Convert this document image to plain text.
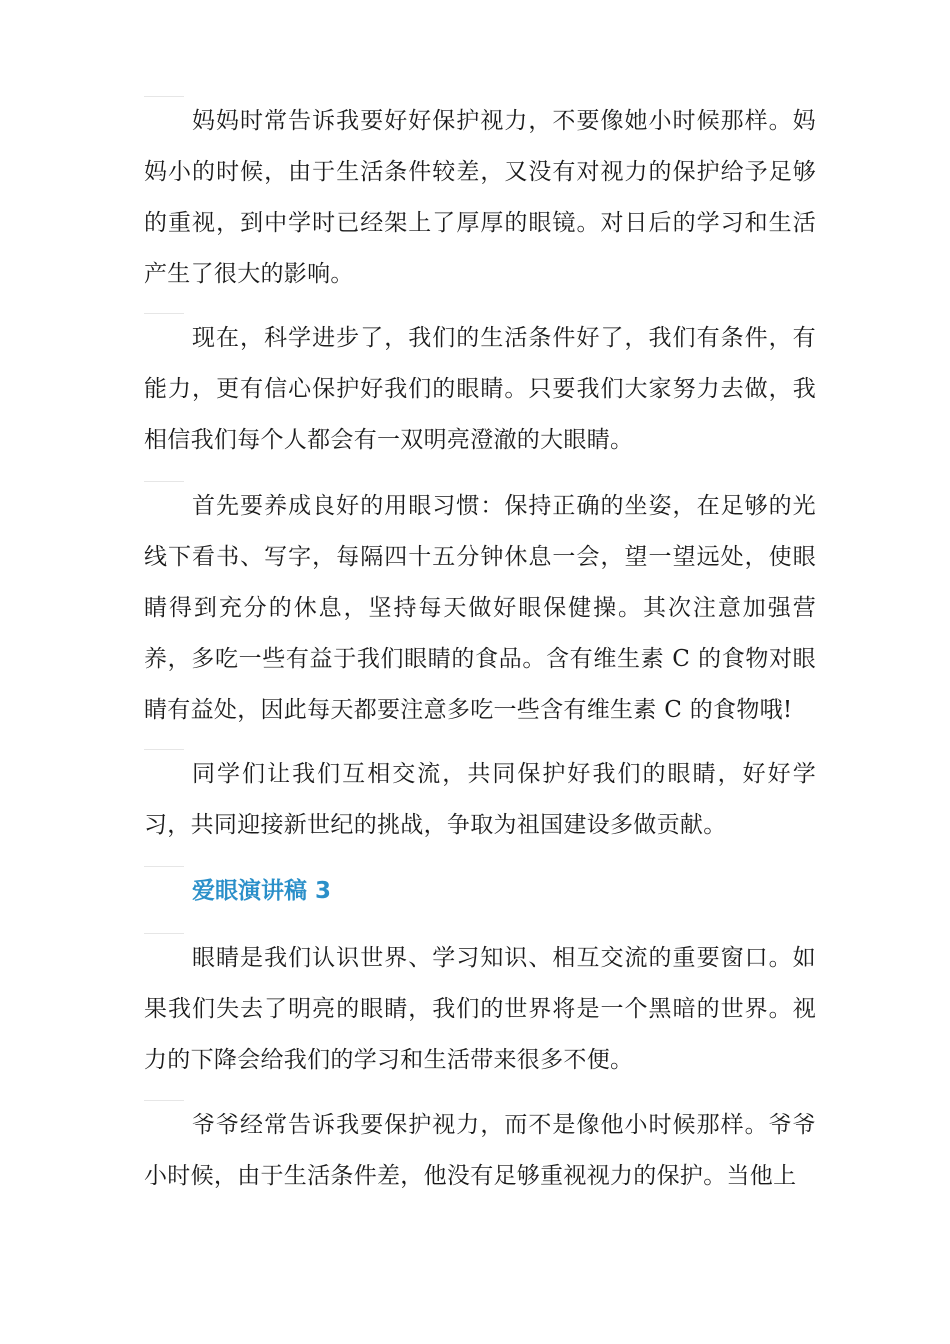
妈妈时常告诉我要好好保护视力，不要像她小时候那样。妈妈小的时候，由于生活条件较差，又没有对视力的保护给予足够的重视，到中学时已经架上了厚厚的眼镜。对日后的学习和生活产生了很大的影响。

现在，科学进步了，我们的生活条件好了，我们有条件，有能力，更有信心保护好我们的眼睛。只要我们大家努力去做，我相信我们每个人都会有一双明亮澄澈的大眼睛。

首先要养成良好的用眼习惯：保持正确的坐姿，在足够的光线下看书、写字，每隔四十五分钟休息一会，望一望远处，使眼睛得到充分的休息，坚持每天做好眼保健操。其次注意加强营养，多吃一些有益于我们眼睛的食品。含有维生素 C 的食物对眼睛有益处，因此每天都要注意多吃一些含有维生素 C 的食物哦!

同学们让我们互相交流，共同保护好我们的眼睛，好好学习，共同迎接新世纪的挑战，争取为祖国建设多做贡献。

爱眼演讲稿 3

眼睛是我们认识世界、学习知识、相互交流的重要窗口。如果我们失去了明亮的眼睛，我们的世界将是一个黑暗的世界。视力的下降会给我们的学习和生活带来很多不便。

爷爷经常告诉我要保护视力，而不是像他小时候那样。爷爷小时候，由于生活条件差，他没有足够重视视力的保护。当他上
